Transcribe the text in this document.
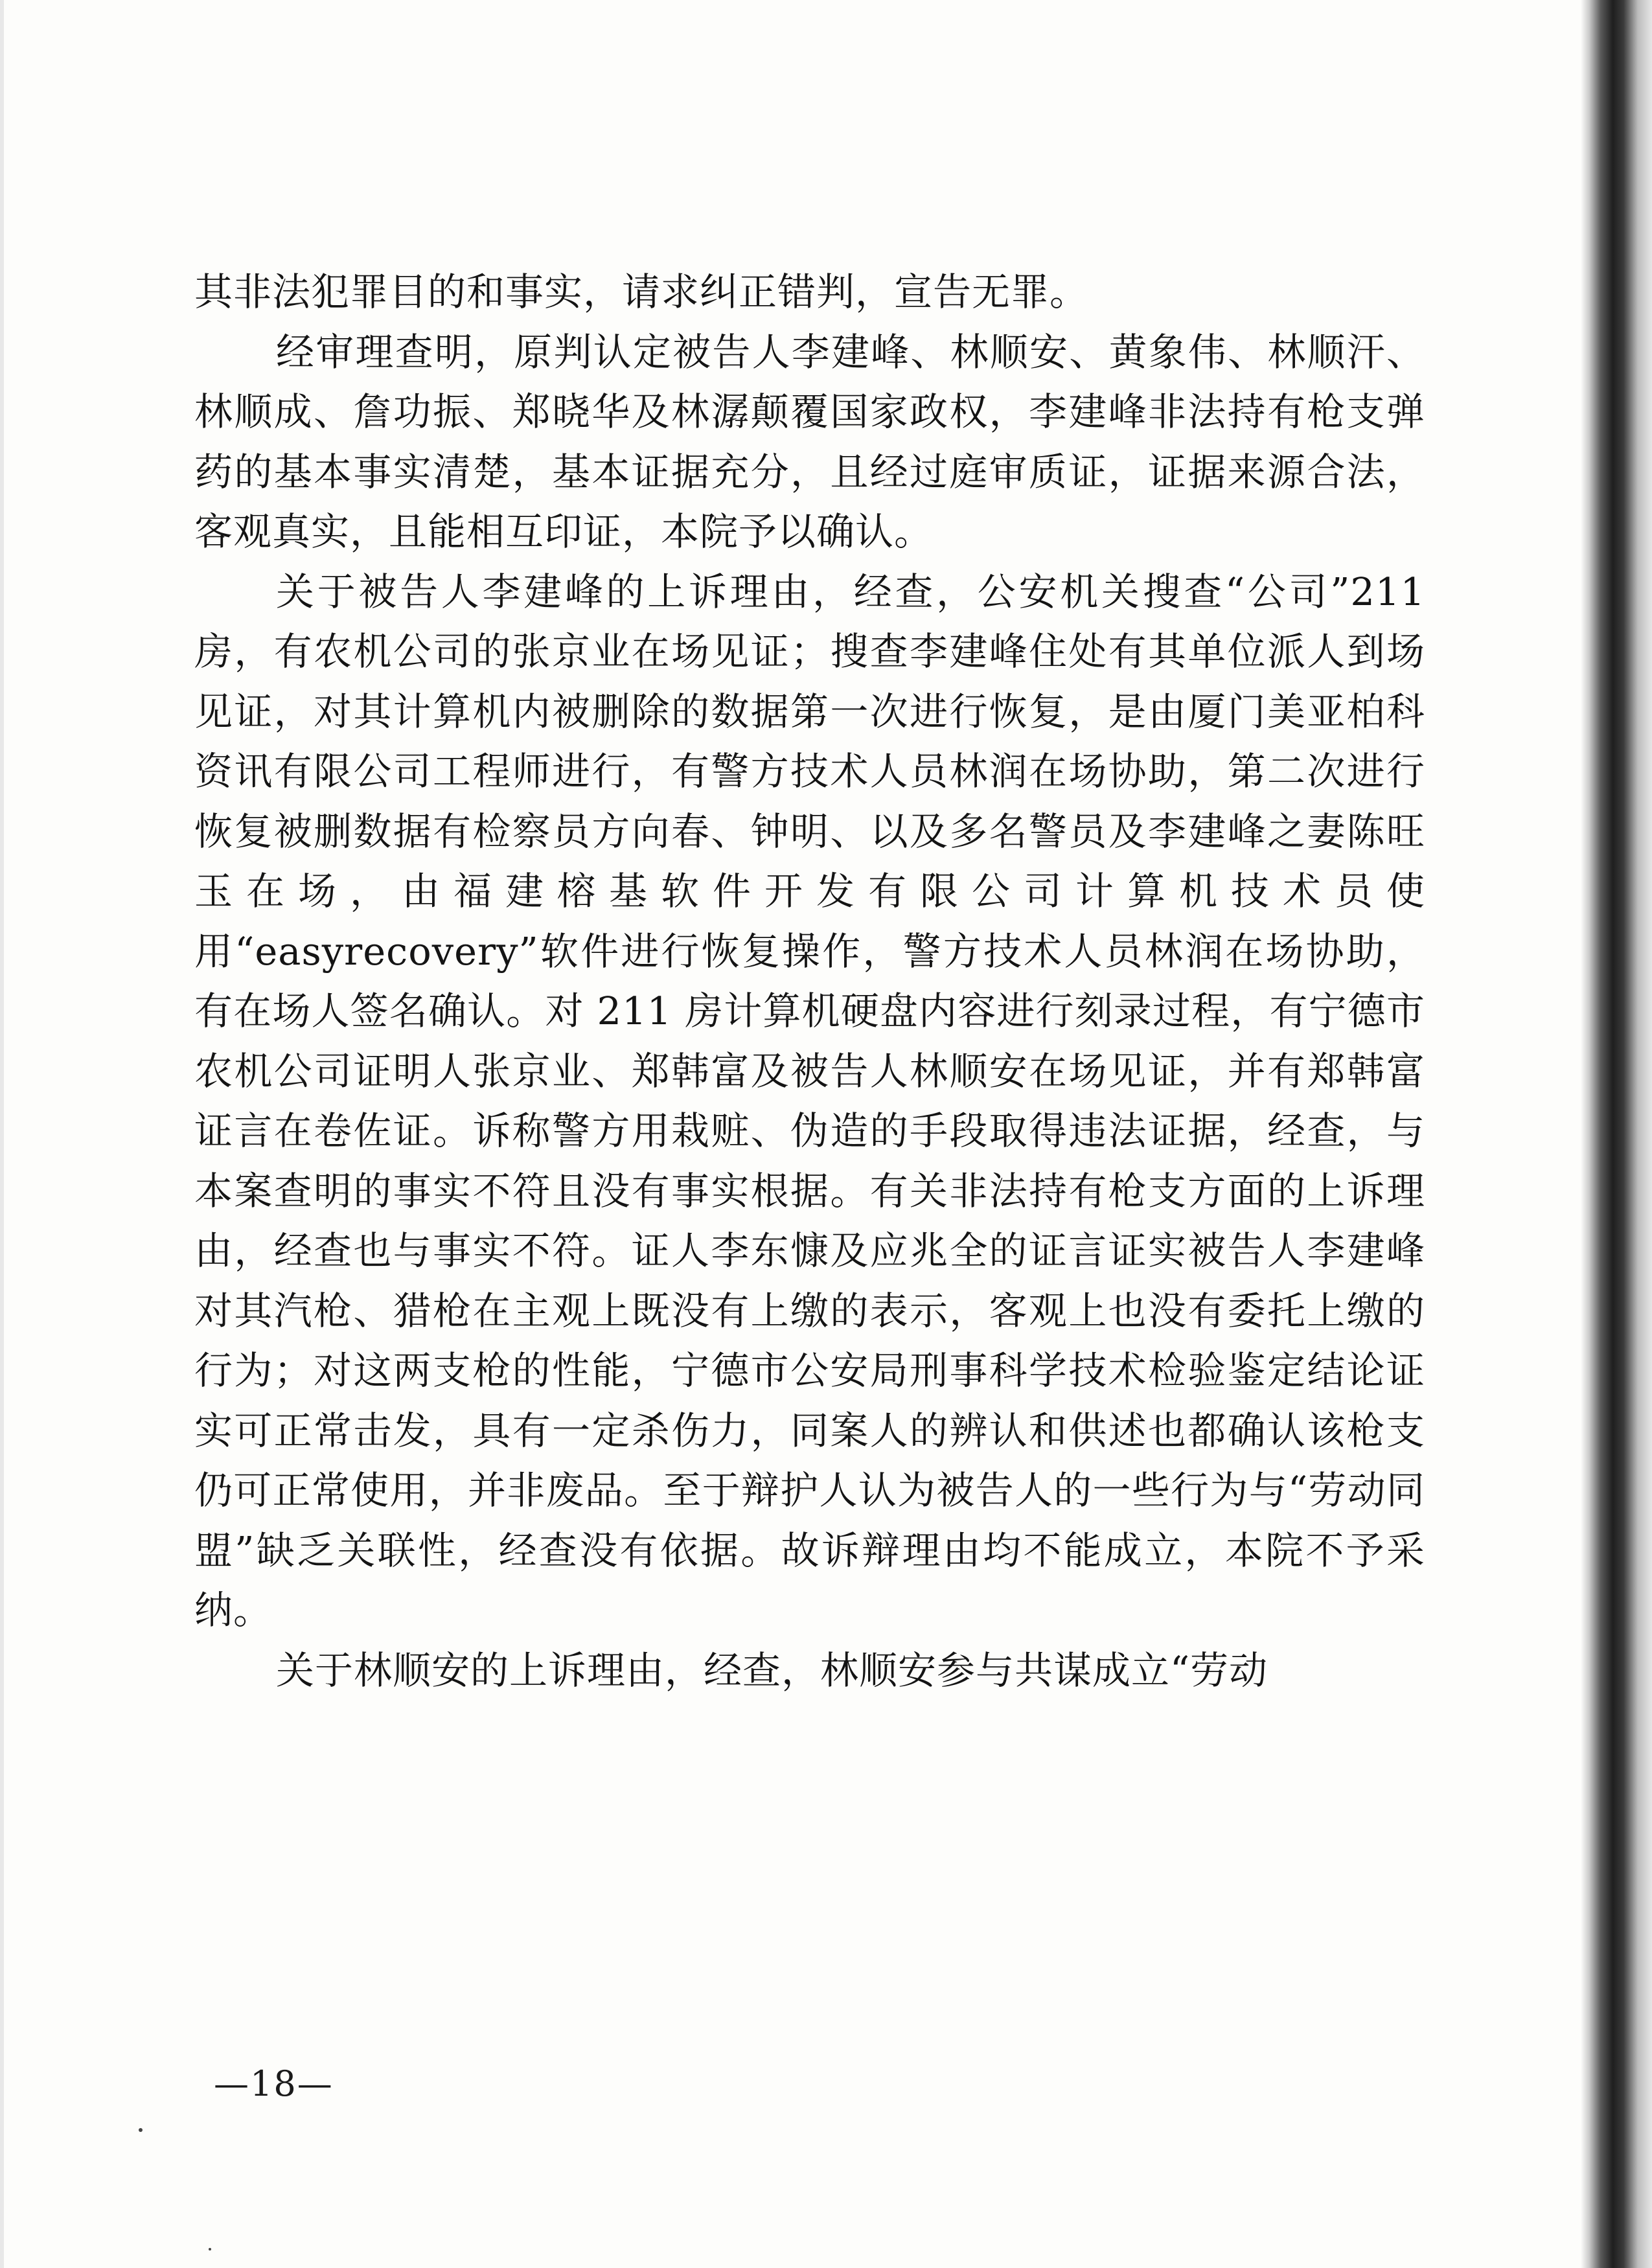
其非法犯罪目的和事实，请求纠正错判，宣告无罪。

经审理查明，原判认定被告人李建峰、林顺安、黄象伟、林顺汗、林顺成、詹功振、郑晓华及林潺颠覆国家政权，李建峰非法持有枪支弹药的基本事实清楚，基本证据充分，且经过庭审质证，证据来源合法，客观真实，且能相互印证，本院予以确认。

关于被告人李建峰的上诉理由，经查，公安机关搜查“公司”211 房，有农机公司的张京业在场见证；搜查李建峰住处有其单位派人到场见证，对其计算机内被删除的数据第一次进行恢复，是由厦门美亚柏科资讯有限公司工程师进行，有警方技术人员林润在场协助，第二次进行恢复被删数据有检察员方向春、钟明、以及多名警员及李建峰之妻陈旺玉在场，由福建榕基软件开发有限公司计算机技术员使用“easyrecovery”软件进行恢复操作，警方技术人员林润在场协助，有在场人签名确认。对 211 房计算机硬盘内容进行刻录过程，有宁德市农机公司证明人张京业、郑韩富及被告人林顺安在场见证，并有郑韩富证言在卷佐证。诉称警方用栽赃、伪造的手段取得违法证据，经查，与本案查明的事实不符且没有事实根据。有关非法持有枪支方面的上诉理由，经查也与事实不符。证人李东慷及应兆全的证言证实被告人李建峰对其汽枪、猎枪在主观上既没有上缴的表示，客观上也没有委托上缴的行为；对这两支枪的性能，宁德市公安局刑事科学技术检验鉴定结论证实可正常击发，具有一定杀伤力，同案人的辨认和供述也都确认该枪支仍可正常使用，并非废品。至于辩护人认为被告人的一些行为与“劳动同盟”缺乏关联性，经查没有依据。故诉辩理由均不能成立，本院不予采纳。

关于林顺安的上诉理由，经查，林顺安参与共谋成立“劳动

—18—
